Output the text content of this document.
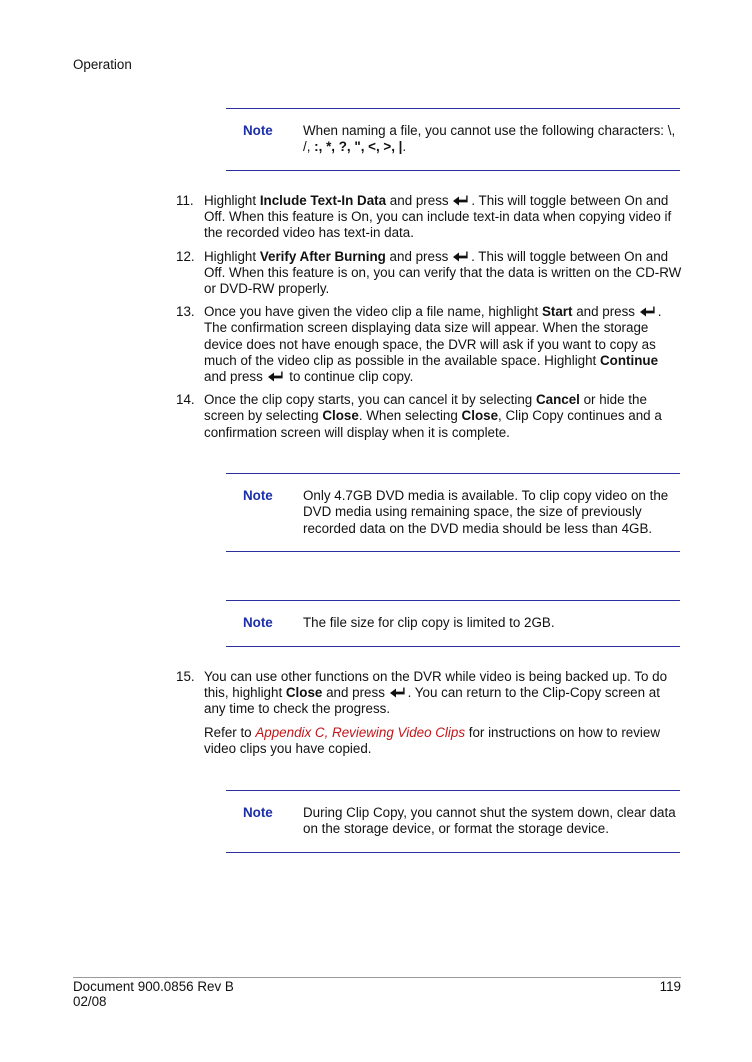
Operation
Note When naming a file, you cannot use the following characters: \, /, :, *, ?, ", <, >, |.
11. Highlight Include Text-In Data and press . This will toggle between On and Off. When this feature is On, you can include text-in data when copying video if the recorded video has text-in data.
12. Highlight Verify After Burning and press . This will toggle between On and Off. When this feature is on, you can verify that the data is written on the CD-RW or DVD-RW properly.
13. Once you have given the video clip a file name, highlight Start and press . The confirmation screen displaying data size will appear. When the storage device does not have enough space, the DVR will ask if you want to copy as much of the video clip as possible in the available space. Highlight Continue and press  to continue clip copy.
14. Once the clip copy starts, you can cancel it by selecting Cancel or hide the screen by selecting Close. When selecting Close, Clip Copy continues and a confirmation screen will display when it is complete.
Note Only 4.7GB DVD media is available. To clip copy video on the DVD media using remaining space, the size of previously recorded data on the DVD media should be less than 4GB.
Note The file size for clip copy is limited to 2GB.
15. You can use other functions on the DVR while video is being backed up. To do this, highlight Close and press . You can return to the Clip-Copy screen at any time to check the progress.
Refer to Appendix C, Reviewing Video Clips for instructions on how to review video clips you have copied.
Note During Clip Copy, you cannot shut the system down, clear data on the storage device, or format the storage device.
Document 900.0856 Rev B
02/08
119
